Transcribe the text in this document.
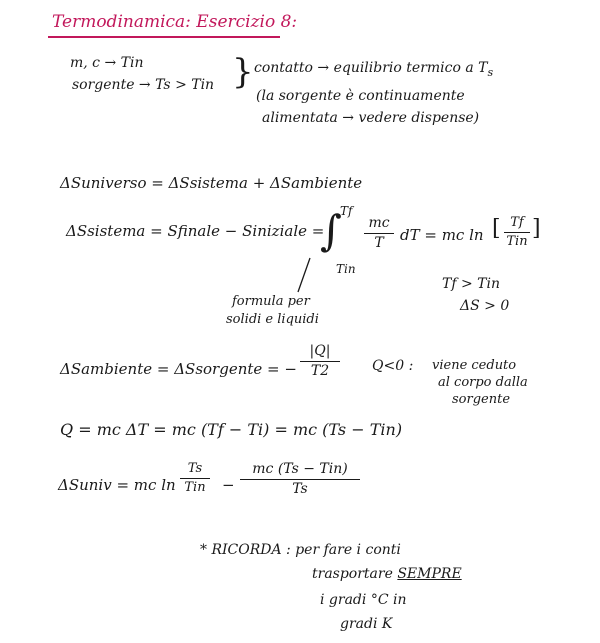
Termodinamica: Esercizio 8:
m, c → Tin
sorgente → Ts > Tin } contatto → equilibrio termico a $T_s$
(la sorgente è continuamente
alimentata → vedere dispense)
ΔSuniverso = ΔSsistema + ΔSambiente
ΔSsistema = Sfinale − Siniziale =
∫
Tf
Tin
mc
T	dT = mc ln [ Tf
Tin
]
formula per
solidi e liquidi
Tf > Tin
ΔS > 0
ΔSambiente = ΔSsorgente = −
|Q|
T2	Q<0 : viene ceduto
al corpo dalla
sorgente
Q = mc ΔT = mc (Tf − Ti) = mc (Ts − Tin)
ΔSuniv = mc ln
Ts
Tin −
mc (Ts − Tin)
Ts
* RICORDA : per fare i conti
trasportare SEMPRE
i gradi °C in
gradi K
